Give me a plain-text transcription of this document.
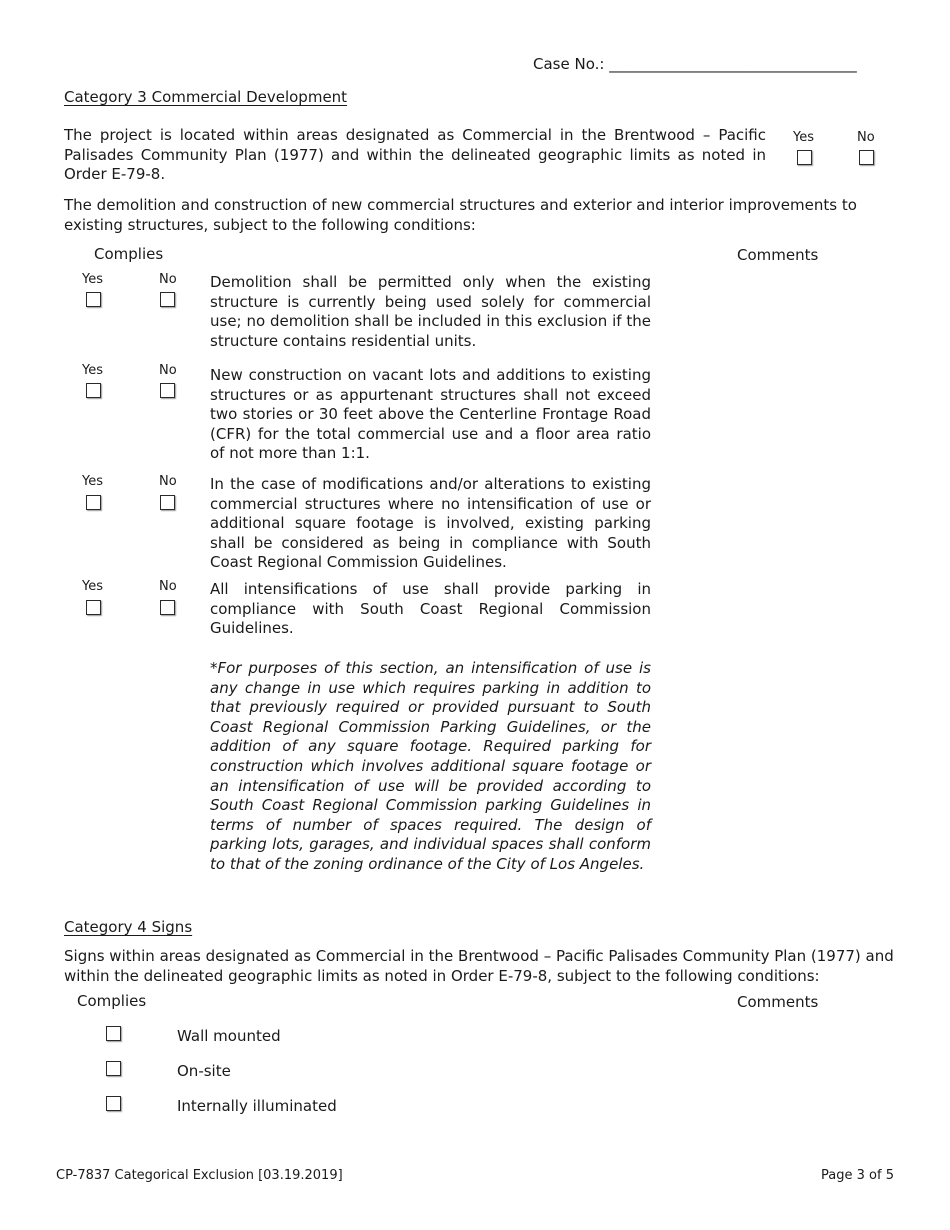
Case No.: _________________________________
Category 3 Commercial Development
The project is located within areas designated as Commercial in the Brentwood – Pacific Palisades Community Plan (1977) and within the delineated geographic limits as noted in Order E-79-8.
Yes	No
The demolition and construction of new commercial structures and exterior and interior improvements to existing structures, subject to the following conditions:
Complies	Comments
Yes	No Demolition shall be permitted only when the existing structure is currently being used solely for commercial use; no demolition shall be included in this exclusion if the structure contains residential units.
Yes	No New construction on vacant lots and additions to existing structures or as appurtenant structures shall not exceed two stories or 30 feet above the Centerline Frontage Road (CFR) for the total commercial use and a floor area ratio of not more than 1:1.
Yes	No In the case of modifications and/or alterations to existing commercial structures where no intensification of use or additional square footage is involved, existing parking shall be considered as being in compliance with South Coast Regional Commission Guidelines.
Yes	No All intensifications of use shall provide parking in compliance with South Coast Regional Commission Guidelines.
*For purposes of this section, an intensification of use is any change in use which requires parking in addition to that previously required or provided pursuant to South Coast Regional Commission Parking Guidelines, or the addition of any square footage. Required parking for construction which involves additional square footage or an intensification of use will be provided according to South Coast Regional Commission parking Guidelines in terms of number of spaces required. The design of parking lots, garages, and individual spaces shall conform to that of the zoning ordinance of the City of Los Angeles.
Category 4 Signs
Signs within areas designated as Commercial in the Brentwood – Pacific Palisades Community Plan (1977) and within the delineated geographic limits as noted in Order E-79-8, subject to the following conditions:
Complies	Comments
Wall mounted
On-site
Internally illuminated
CP-7837 Categorical Exclusion [03.19.2019]	Page 3 of 5
